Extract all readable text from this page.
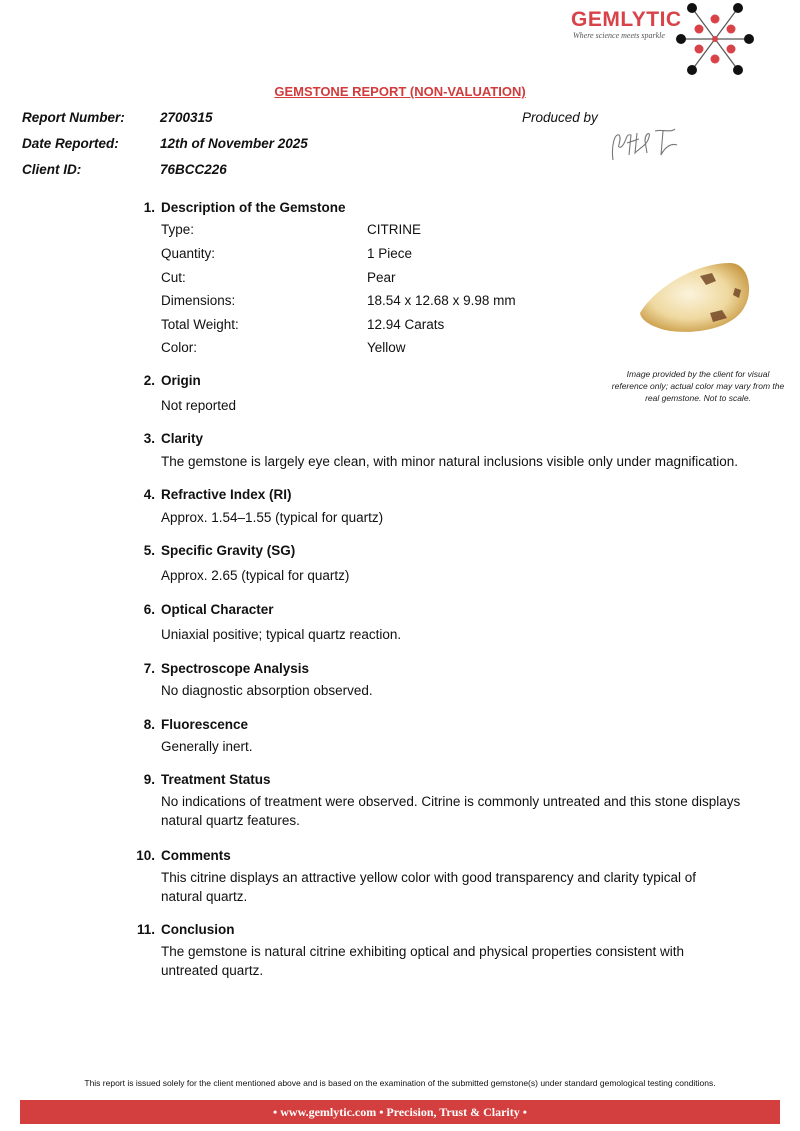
GEMLYTIC
Where science meets sparkle
GEMSTONE REPORT (NON-VALUATION)
Report Number:	2700315
Date Reported:	12th of November 2025
Client ID:	76BCC226
Produced by
1. Description of the Gemstone
Type:	CITRINE
Quantity:	1 Piece
Cut:	Pear
Dimensions:	18.54 x 12.68 x 9.98 mm
Total Weight:	12.94 Carats
Color:	Yellow
Image provided by the client for visual reference only; actual color may vary from the real gemstone. Not to scale.
2. Origin
Not reported
3. Clarity
The gemstone is largely eye clean, with minor natural inclusions visible only under magnification.
4. Refractive Index (RI)
Approx. 1.54–1.55 (typical for quartz)
5. Specific Gravity (SG)
Approx. 2.65 (typical for quartz)
6. Optical Character
Uniaxial positive; typical quartz reaction.
7. Spectroscope Analysis
No diagnostic absorption observed.
8. Fluorescence
Generally inert.
9. Treatment Status
No indications of treatment were observed. Citrine is commonly untreated and this stone displays natural quartz features.
10. Comments
This citrine displays an attractive yellow color with good transparency and clarity typical of natural quartz.
11. Conclusion
The gemstone is natural citrine exhibiting optical and physical properties consistent with untreated quartz.
This report is issued solely for the client mentioned above and is based on the examination of the submitted gemstone(s) under standard gemological testing conditions.
• www.gemlytic.com • Precision, Trust & Clarity •
